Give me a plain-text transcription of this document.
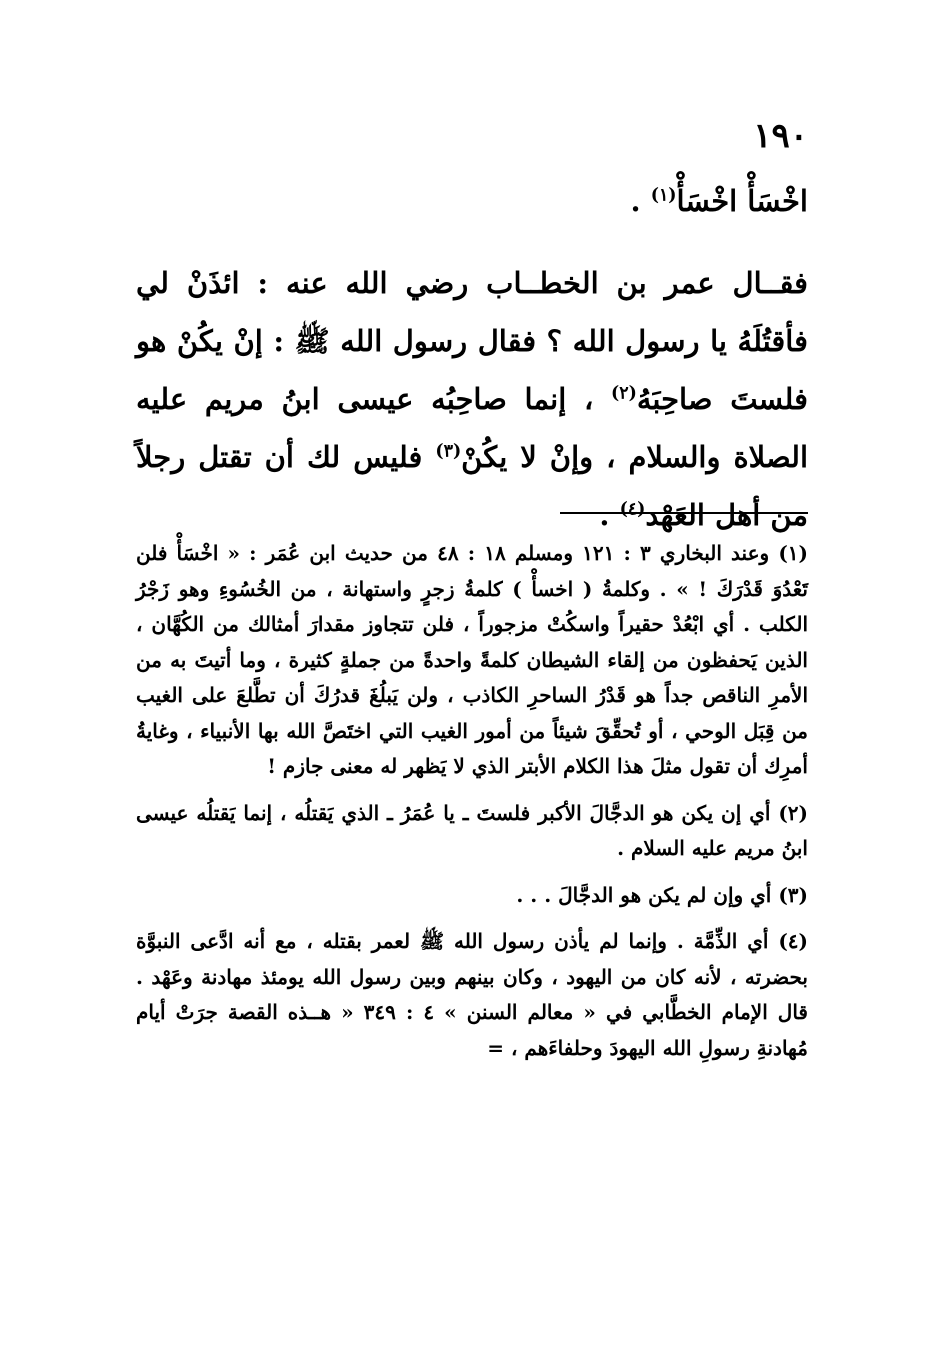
١٩٠

اخْسَأْ اخْسَأْ$^{(١)}$ .

فقــال عمر بن الخطــاب رضي الله عنه : ائذَنْ لي فأقتُلَهُ يا رسول الله ؟ فقال رسول الله ﷺ : إنْ يكُنْ هو فلستَ صاحِبَهُ$^{(٢)}$ ، إنما صاحِبُه عيسى ابنُ مريم عليه الصلاة والسلام ، وإنْ لا يكُنْ$^{(٣)}$ فليس لك أن تقتل رجلاً من أهل العَهْد$^{(٤)}$ .

(١) وعند البخاري ٣ : ١٢١ ومسلم ١٨ : ٤٨ من حديث ابن عُمَر : « اخْسَأْ فلن تَعْدُوَ قَدْرَكَ ! » . وكلمةُ ( اخسأْ ) كلمةُ زجرٍ واستهانة ، من الخُسُوءِ وهو زَجْرُ الكلب . أي ابْعُدْ حقيراً واسكُتْ مزجوراً ، فلن تتجاوز مقدارَ أمثالك من الكُهَّان ، الذين يَحفظون من إلقاء الشيطان كلمةً واحدةً من جملةٍ كثيرة ، وما أتيتَ به من الأمرِ الناقص جداً هو قَدْرُ الساحرِ الكاذب ، ولن يَبلُغَ قدرُكَ أن تطَّلعَ على الغيب من قِبَل الوحي ، أو تُحقِّقَ شيئاً من أمور الغيب التي اختَصَّ الله بها الأنبياء ، وغايةُ أمرِك أن تقول مثلَ هذا الكلام الأبتر الذي لا يَظهر له معنى جازم !

(٢) أي إن يكن هو الدجَّالَ الأكبر فلستَ ـ يا عُمَرُ ـ الذي يَقتلُه ، إنما يَقتلُه عيسى ابنُ مريم عليه السلام .

(٣) أي وإن لم يكن هو الدجَّالَ . . .

(٤) أي الذِّمَّة . وإنما لم يأذن رسول الله ﷺ لعمر بقتله ، مع أنه ادَّعى النبوَّة بحضرته ، لأنه كان من اليهود ، وكان بينهم وبين رسول الله يومئذ مهادنة وعَهْد . قال الإمام الخطَّابي في « معالم السنن » ٤ : ٣٤٩ « هــذه القصة جرَتْ أيام مُهادنةِ رسولِ الله اليهودَ وحلفاءَهم ، =
